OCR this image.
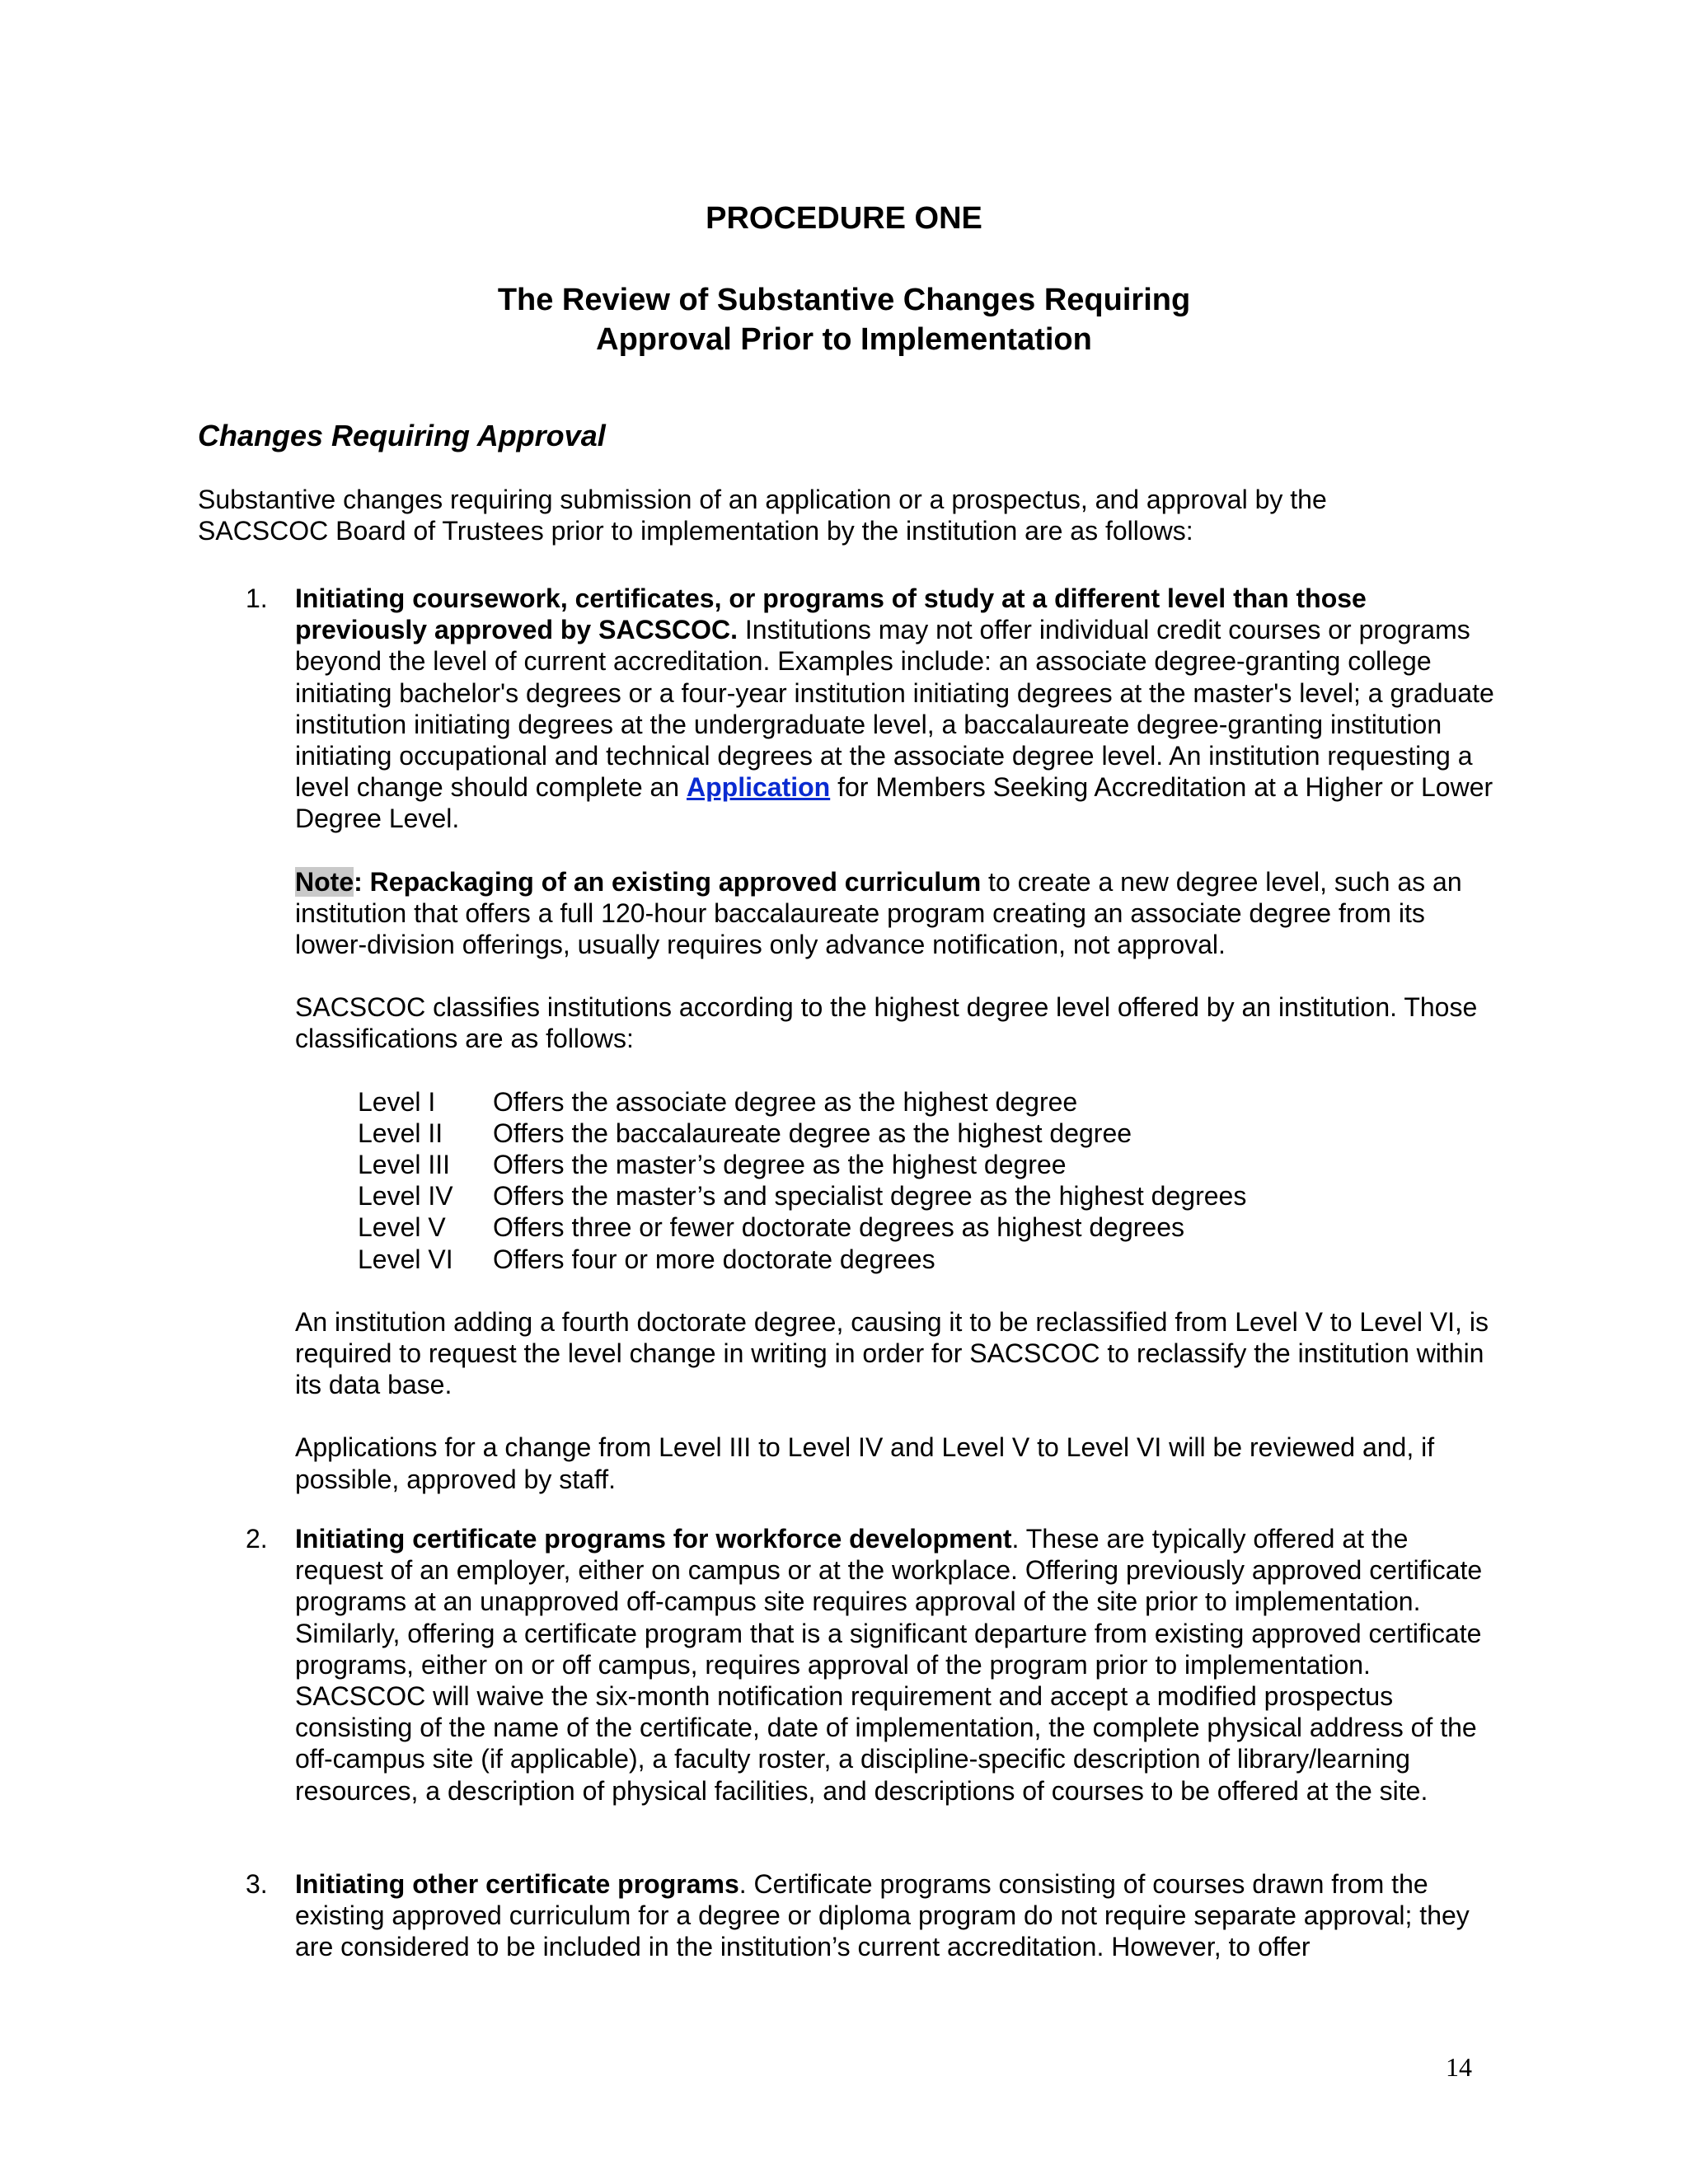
PROCEDURE ONE
The Review of Substantive Changes Requiring
Approval Prior to Implementation
Changes Requiring Approval

Substantive changes requiring submission of an application or a prospectus, and approval by the
SACSCOC Board of Trustees prior to implementation by the institution are as follows:

1. Initiating coursework, certificates, or programs of study at a different level than those previously approved by SACSCOC. Institutions may not offer individual credit courses or programs beyond the level of current accreditation. Examples include: an associate degree-granting college initiating bachelor's degrees or a four-year institution initiating degrees at the master's level; a graduate institution initiating degrees at the undergraduate level, a baccalaureate degree-granting institution initiating occupational and technical degrees at the associate degree level. An institution requesting a level change should complete an Application for Members Seeking Accreditation at a Higher or Lower Degree Level.

Note: Repackaging of an existing approved curriculum to create a new degree level, such as an institution that offers a full 120-hour baccalaureate program creating an associate degree from its lower-division offerings, usually requires only advance notification, not approval.

SACSCOC classifies institutions according to the highest degree level offered by an institution. Those classifications are as follows:

Level I	Offers the associate degree as the highest degree
Level II	Offers the baccalaureate degree as the highest degree
Level III	Offers the master’s degree as the highest degree
Level IV	Offers the master’s and specialist degree as the highest degrees
Level V	Offers three or fewer doctorate degrees as highest degrees
Level VI	Offers four or more doctorate degrees

An institution adding a fourth doctorate degree, causing it to be reclassified from Level V to Level VI, is required to request the level change in writing in order for SACSCOC to reclassify the institution within its data base.

Applications for a change from Level III to Level IV and Level V to Level VI will be reviewed and, if possible, approved by staff.

2. Initiating certificate programs for workforce development. These are typically offered at the request of an employer, either on campus or at the workplace. Offering previously approved certificate programs at an unapproved off-campus site requires approval of the site prior to implementation. Similarly, offering a certificate program that is a significant departure from existing approved certificate programs, either on or off campus, requires approval of the program prior to implementation. SACSCOC will waive the six-month notification requirement and accept a modified prospectus consisting of the name of the certificate, date of implementation, the complete physical address of the off-campus site (if applicable), a faculty roster, a discipline-specific description of library/learning resources, a description of physical facilities, and descriptions of courses to be offered at the site.

3. Initiating other certificate programs. Certificate programs consisting of courses drawn from the existing approved curriculum for a degree or diploma program do not require separate approval; they are considered to be included in the institution’s current accreditation. However, to offer

14
